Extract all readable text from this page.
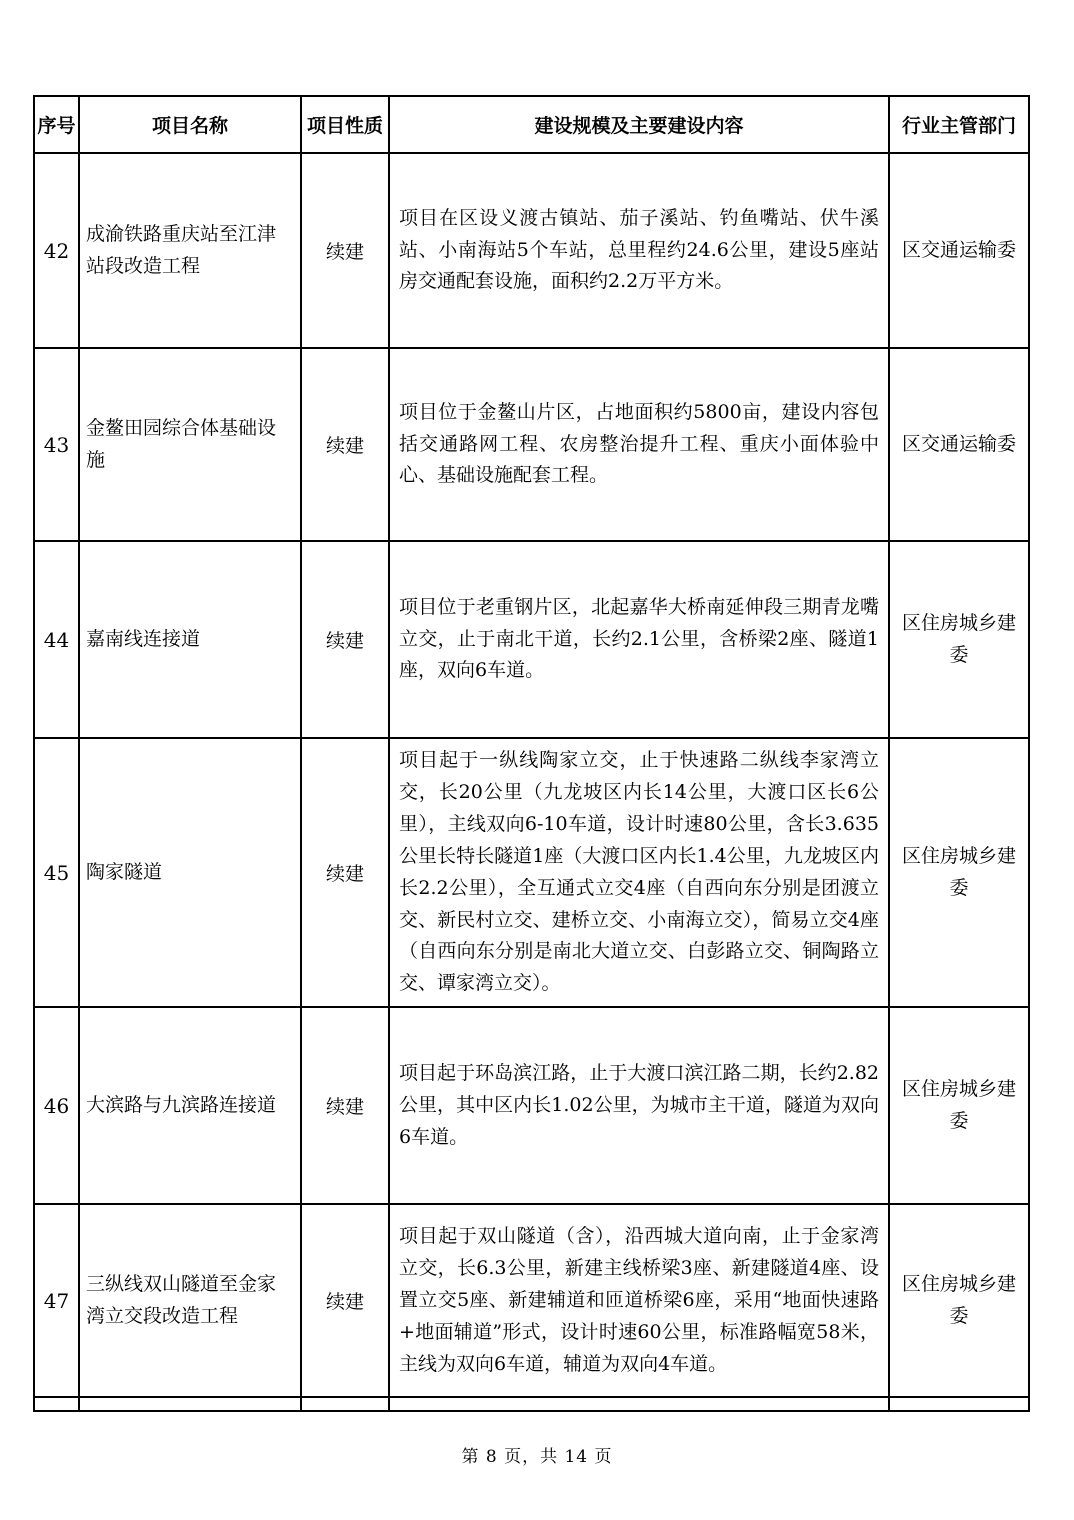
序号	项目名称	项目性质	建设规模及主要建设内容	行业主管部门
42	成渝铁路重庆站至江津站段改造工程	续建	项目在区设义渡古镇站、茄子溪站、钓鱼嘴站、伏牛溪站、小南海站5个车站，总里程约24.6公里，建设5座站房交通配套设施，面积约2.2万平方米。	区交通运输委
43	金鳌田园综合体基础设施	续建	项目位于金鳌山片区，占地面积约5800亩，建设内容包括交通路网工程、农房整治提升工程、重庆小面体验中心、基础设施配套工程。	区交通运输委
44	嘉南线连接道	续建	项目位于老重钢片区，北起嘉华大桥南延伸段三期青龙嘴立交，止于南北干道，长约2.1公里，含桥梁2座、隧道1座，双向6车道。	区住房城乡建委
45	陶家隧道	续建	项目起于一纵线陶家立交，止于快速路二纵线李家湾立交，长20公里（九龙坡区内长14公里，大渡口区长6公里），主线双向6-10车道，设计时速80公里，含长3.635公里长特长隧道1座（大渡口区内长1.4公里，九龙坡区内长2.2公里），全互通式立交4座（自西向东分别是团渡立交、新民村立交、建桥立交、小南海立交），简易立交4座（自西向东分别是南北大道立交、白彭路立交、铜陶路立交、谭家湾立交）。	区住房城乡建委
46	大滨路与九滨路连接道	续建	项目起于环岛滨江路，止于大渡口滨江路二期，长约2.82 公里，其中区内长1.02公里，为城市主干道，隧道为双向 6车道。	区住房城乡建委
47	三纵线双山隧道至金家湾立交段改造工程	续建	项目起于双山隧道（含），沿西城大道向南，止于金家湾立交，长6.3公里，新建主线桥梁3座、新建隧道4座、设置立交5座、新建辅道和匝道桥梁6座，采用“地面快速路+地面辅道”形式，设计时速60公里，标准路幅宽58米，主线为双向6车道，辅道为双向4车道。	区住房城乡建委

第 8 页，共 14 页
